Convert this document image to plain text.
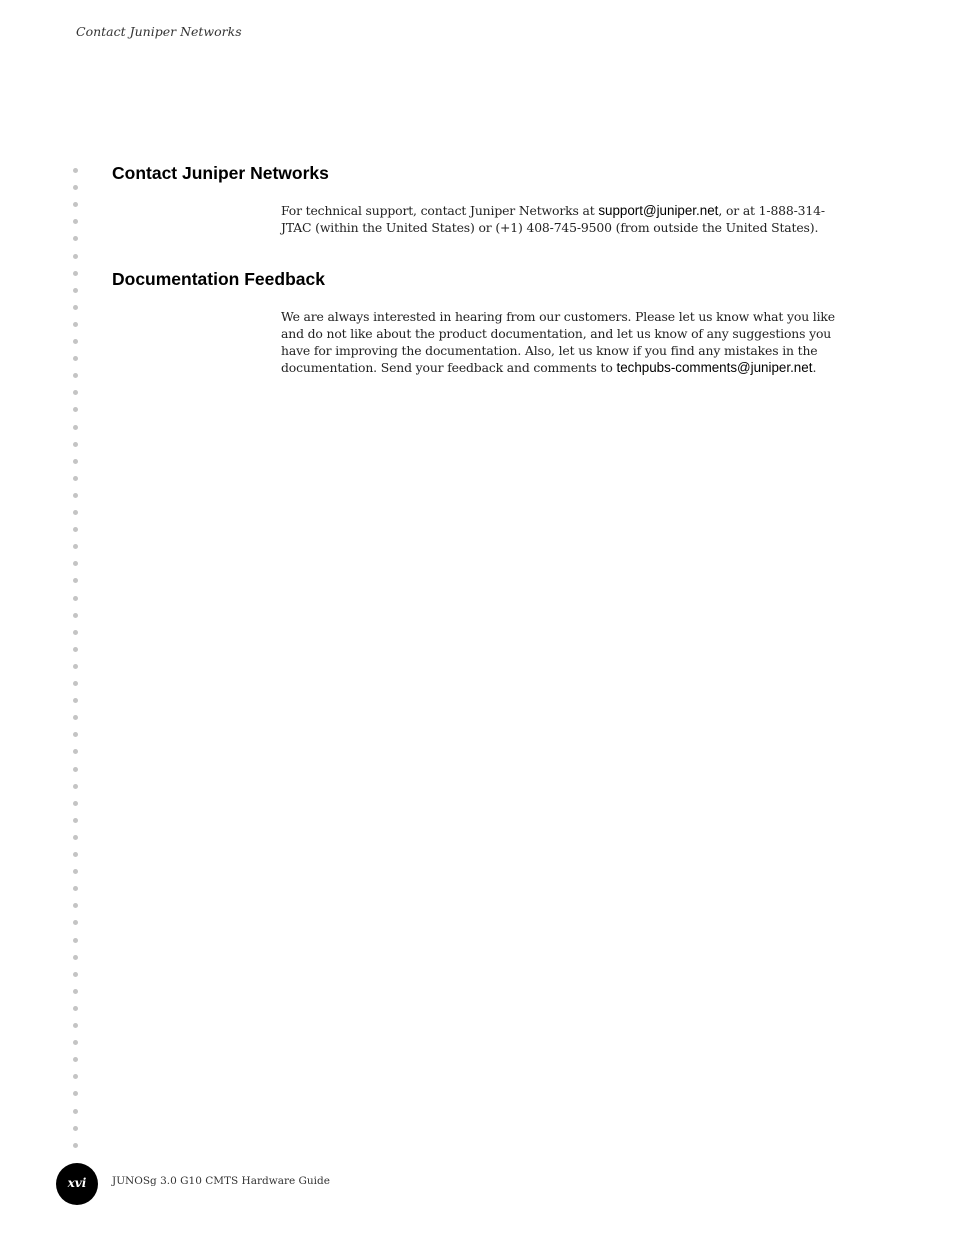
Contact Juniper Networks
Contact Juniper Networks

For technical support, contact Juniper Networks at support@juniper.net, or at 1-888-314-JTAC (within the United States) or (+1) 408-745-9500 (from outside the United States).

Documentation Feedback

We are always interested in hearing from our customers. Please let us know what you like and do not like about the product documentation, and let us know of any suggestions you have for improving the documentation. Also, let us know if you find any mistakes in the documentation. Send your feedback and comments to techpubs-comments@juniper.net.

xvi	JUNOSg 3.0 G10 CMTS Hardware Guide
